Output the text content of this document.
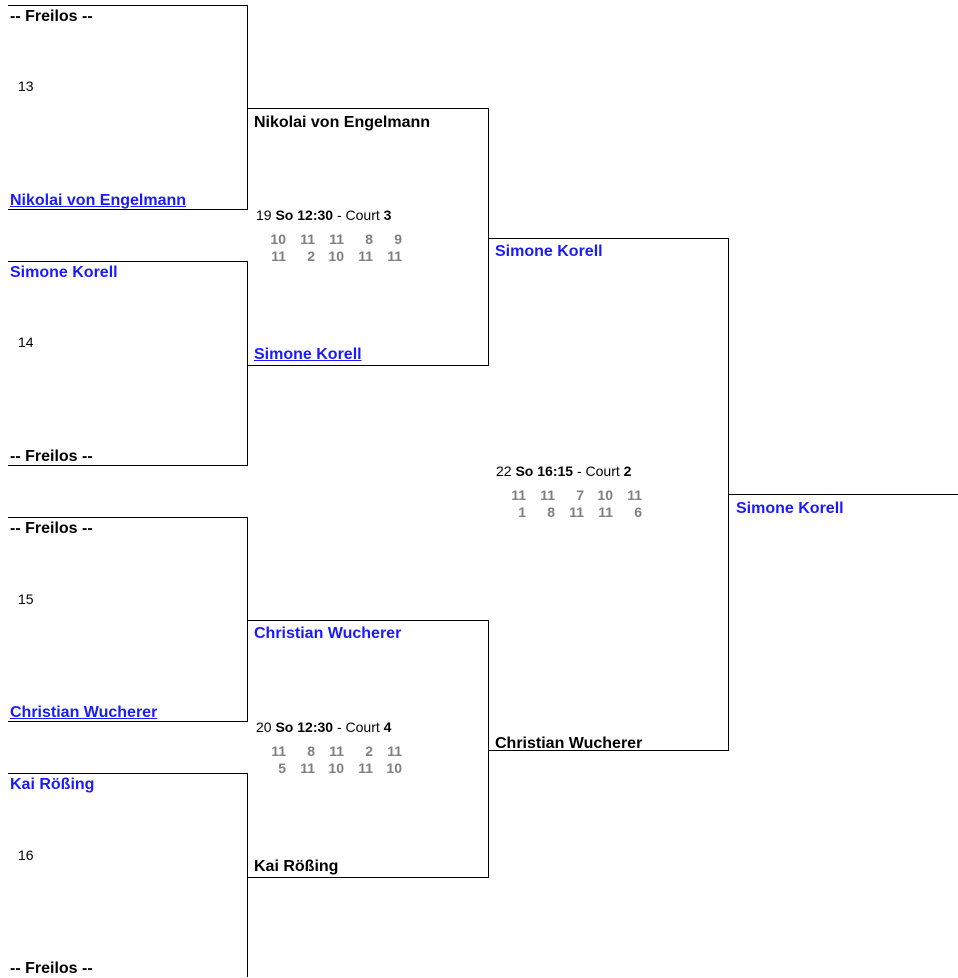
-- Freilos --
13
Nikolai von Engelmann
Simone Korell
14
-- Freilos --
-- Freilos --
15
Christian Wucherer
Kai Rößing
16
-- Freilos --
Nikolai von Engelmann
19 So 12:30 - Court 3
10	11	11	8	9
11	2	10	11	11
Simone Korell
Christian Wucherer
20 So 12:30 - Court 4
11	8	11	2	11
5	11	10	11	10
Kai Rößing
Simone Korell
22 So 16:15 - Court 2
11	11	7	10	11
1	8	11	11	6
Christian Wucherer
Simone Korell
